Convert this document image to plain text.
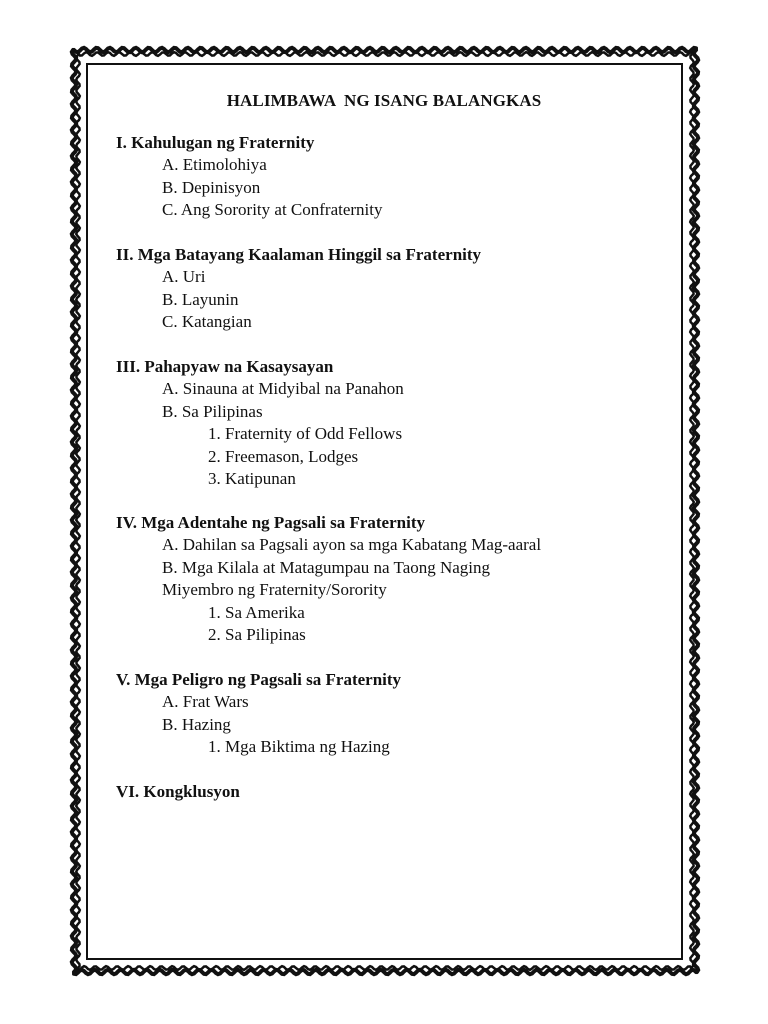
HALIMBAWA  NG ISANG BALANGKAS
I. Kahulugan ng Fraternity
A. Etimolohiya
B. Depinisyon
C. Ang Sorority at Confraternity
II. Mga Batayang Kaalaman Hinggil sa Fraternity
A. Uri
B. Layunin
C. Katangian
III. Pahapyaw na Kasaysayan
A. Sinauna at Midyibal na Panahon
B. Sa Pilipinas
1. Fraternity of Odd Fellows
2. Freemason, Lodges
3. Katipunan
IV. Mga Adentahe ng Pagsali sa Fraternity
A. Dahilan sa Pagsali ayon sa mga Kabatang Mag-aaral
B. Mga Kilala at Matagumpau na Taong Naging
Miyembro ng Fraternity/Sorority
1. Sa Amerika
2. Sa Pilipinas
V. Mga Peligro ng Pagsali sa Fraternity
A. Frat Wars
B. Hazing
1. Mga Biktima ng Hazing
VI. Kongklusyon
